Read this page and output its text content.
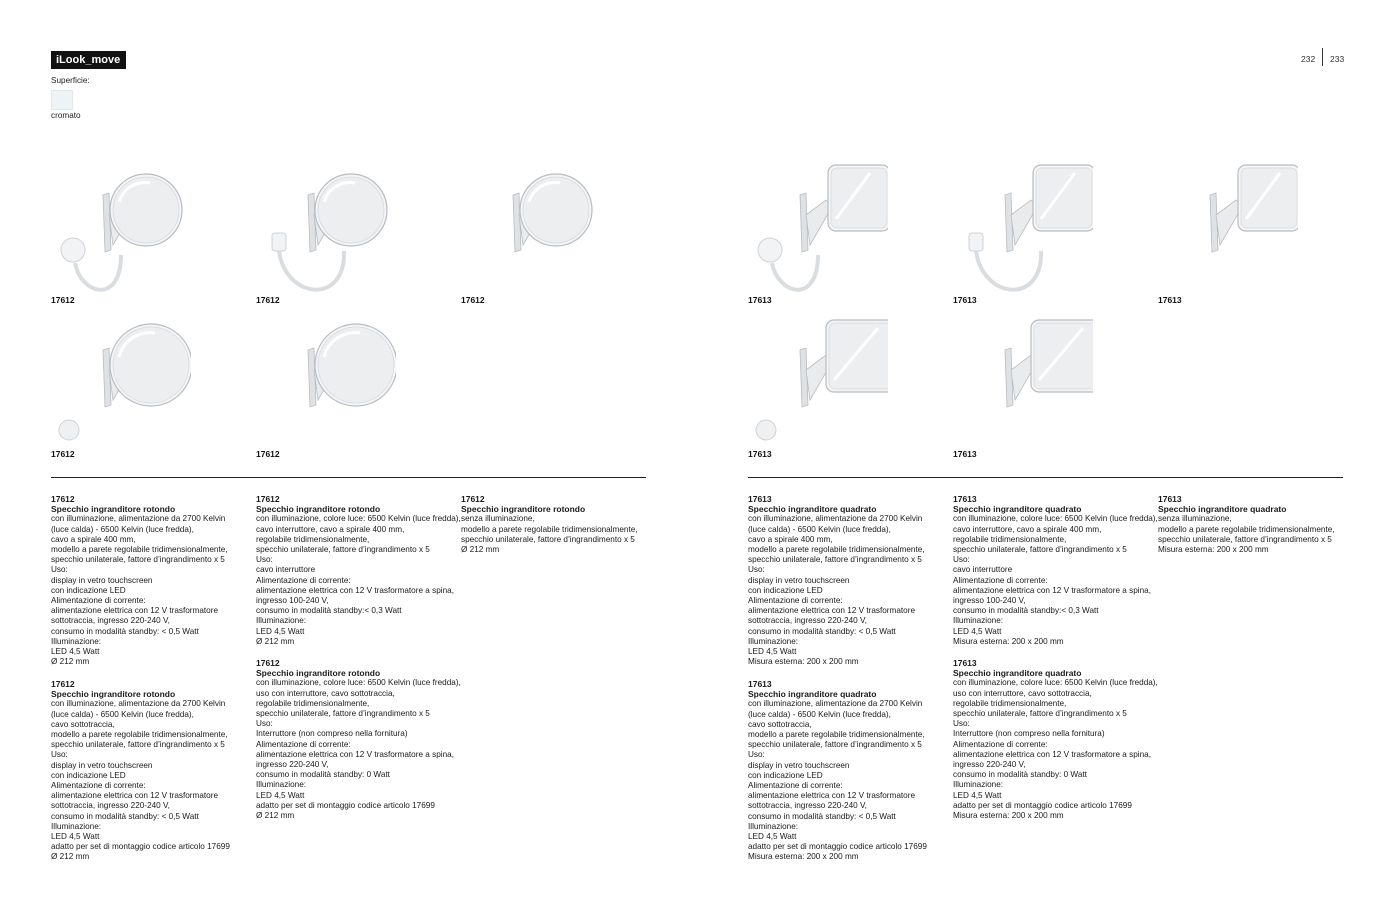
iLook_move
Superficie:
cromato
232 233
17612	17612	17612
17612	17612
17613	17613	17613
17613	17613
17612
Specchio ingranditore rotondo
con illuminazione, alimentazione da 2700 Kelvin
(luce calda) - 6500 Kelvin (luce fredda),
cavo a spirale 400 mm,
modello a parete regolabile tridimensionalmente,
specchio unilaterale, fattore d’ingrandimento x 5
Uso:
display in vetro touchscreen
con indicazione LED
Alimentazione di corrente:
alimentazione elettrica con 12 V trasformatore
sottotraccia, ingresso 220-240 V,
consumo in modalità standby: < 0,5 Watt
Illuminazione:
LED 4,5 Watt
Ø 212 mm
17612
Specchio ingranditore rotondo
con illuminazione, alimentazione da 2700 Kelvin
(luce calda) - 6500 Kelvin (luce fredda),
cavo sottotraccia,
modello a parete regolabile tridimensionalmente,
specchio unilaterale, fattore d’ingrandimento x 5
Uso:
display in vetro touchscreen
con indicazione LED
Alimentazione di corrente:
alimentazione elettrica con 12 V trasformatore
sottotraccia, ingresso 220-240 V,
consumo in modalità standby: < 0,5 Watt
Illuminazione:
LED 4,5 Watt
adatto per set di montaggio codice articolo 17699
Ø 212 mm
17612
Specchio ingranditore rotondo
con illuminazione, colore luce: 6500 Kelvin (luce fredda),
cavo interruttore, cavo a spirale 400 mm,
regolabile tridimensionalmente,
specchio unilaterale, fattore d’ingrandimento x 5
Uso:
cavo interruttore
Alimentazione di corrente:
alimentazione elettrica con 12 V trasformatore a spina,
ingresso 100-240 V,
consumo in modalità standby:< 0,3 Watt
Illuminazione:
LED 4,5 Watt
Ø 212 mm
17612
Specchio ingranditore rotondo
con illuminazione, colore luce: 6500 Kelvin (luce fredda),
uso con interruttore, cavo sottotraccia,
regolabile tridimensionalmente,
specchio unilaterale, fattore d’ingrandimento x 5
Uso:
Interruttore (non compreso nella fornitura)
Alimentazione di corrente:
alimentazione elettrica con 12 V trasformatore a spina,
ingresso 220-240 V,
consumo in modalità standby: 0 Watt
Illuminazione:
LED 4,5 Watt
adatto per set di montaggio codice articolo 17699
Ø 212 mm
17612
Specchio ingranditore rotondo
senza illuminazione,
modello a parete regolabile tridimensionalmente,
specchio unilaterale, fattore d’ingrandimento x 5
Ø 212 mm
17613
Specchio ingranditore quadrato
con illuminazione, alimentazione da 2700 Kelvin
(luce calda) - 6500 Kelvin (luce fredda),
cavo a spirale 400 mm,
modello a parete regolabile tridimensionalmente,
specchio unilaterale, fattore d’ingrandimento x 5
Uso:
display in vetro touchscreen
con indicazione LED
Alimentazione di corrente:
alimentazione elettrica con 12 V trasformatore
sottotraccia, ingresso 220-240 V,
consumo in modalità standby: < 0,5 Watt
Illuminazione:
LED 4,5 Watt
Misura esterna: 200 x 200 mm
17613
Specchio ingranditore quadrato
con illuminazione, alimentazione da 2700 Kelvin
(luce calda) - 6500 Kelvin (luce fredda),
cavo sottotraccia,
modello a parete regolabile tridimensionalmente,
specchio unilaterale, fattore d’ingrandimento x 5
Uso:
display in vetro touchscreen
con indicazione LED
Alimentazione di corrente:
alimentazione elettrica con 12 V trasformatore
sottotraccia, ingresso 220-240 V,
consumo in modalità standby: < 0,5 Watt
Illuminazione:
LED 4,5 Watt
adatto per set di montaggio codice articolo 17699
Misura esterna: 200 x 200 mm
17613
Specchio ingranditore quadrato
con illuminazione, colore luce: 6500 Kelvin (luce fredda),
cavo interruttore, cavo a spirale 400 mm,
regolabile tridimensionalmente,
specchio unilaterale, fattore d’ingrandimento x 5
Uso:
cavo interruttore
Alimentazione di corrente:
alimentazione elettrica con 12 V trasformatore a spina,
ingresso 100-240 V,
consumo in modalità standby:< 0,3 Watt
Illuminazione:
LED 4,5 Watt
Misura esterna: 200 x 200 mm
17613
Specchio ingranditore quadrato
con illuminazione, colore luce: 6500 Kelvin (luce fredda),
uso con interruttore, cavo sottotraccia,
regolabile tridimensionalmente,
specchio unilaterale, fattore d’ingrandimento x 5
Uso:
Interruttore (non compreso nella fornitura)
Alimentazione di corrente:
alimentazione elettrica con 12 V trasformatore a spina,
ingresso 220-240 V,
consumo in modalità standby: 0 Watt
Illuminazione:
LED 4,5 Watt
adatto per set di montaggio codice articolo 17699
Misura esterna: 200 x 200 mm
17613
Specchio ingranditore quadrato
senza illuminazione,
modello a parete regolabile tridimensionalmente,
specchio unilaterale, fattore d’ingrandimento x 5
Misura esterna: 200 x 200 mm
